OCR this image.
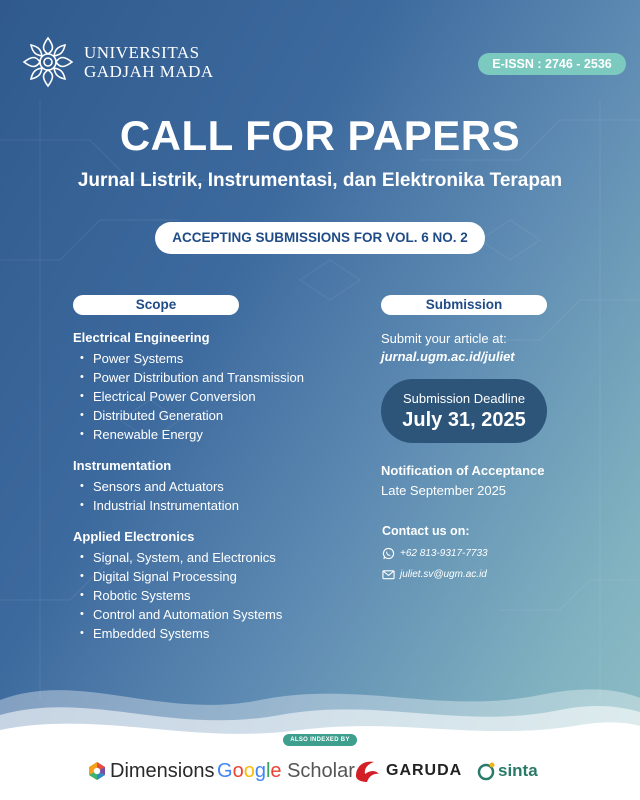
UNIVERSITAS
GADJAH MADA	E-ISSN : 2746 - 2536
CALL FOR PAPERS
Jurnal Listrik, Instrumentasi, dan Elektronika Terapan
ACCEPTING SUBMISSIONS FOR VOL. 6 NO. 2
Scope	Submission
Electrical Engineering
• Power Systems
• Power Distribution and Transmission
• Electrical Power Conversion
• Distributed Generation
• Renewable Energy
Instrumentation
• Sensors and Actuators
• Industrial Instrumentation
Applied Electronics
• Signal, System, and Electronics
• Digital Signal Processing
• Robotic Systems
• Control and Automation Systems
• Embedded Systems
Submit your article at:
jurnal.ugm.ac.id/juliet
Submission Deadline
July 31, 2025
Notification of Acceptance
Late September 2025
Contact us on:
+62 813-9317-7733
juliet.sv@ugm.ac.id
ALSO INDEXED BY
Dimensions G o o g l e Scholar GARUDA sinta
